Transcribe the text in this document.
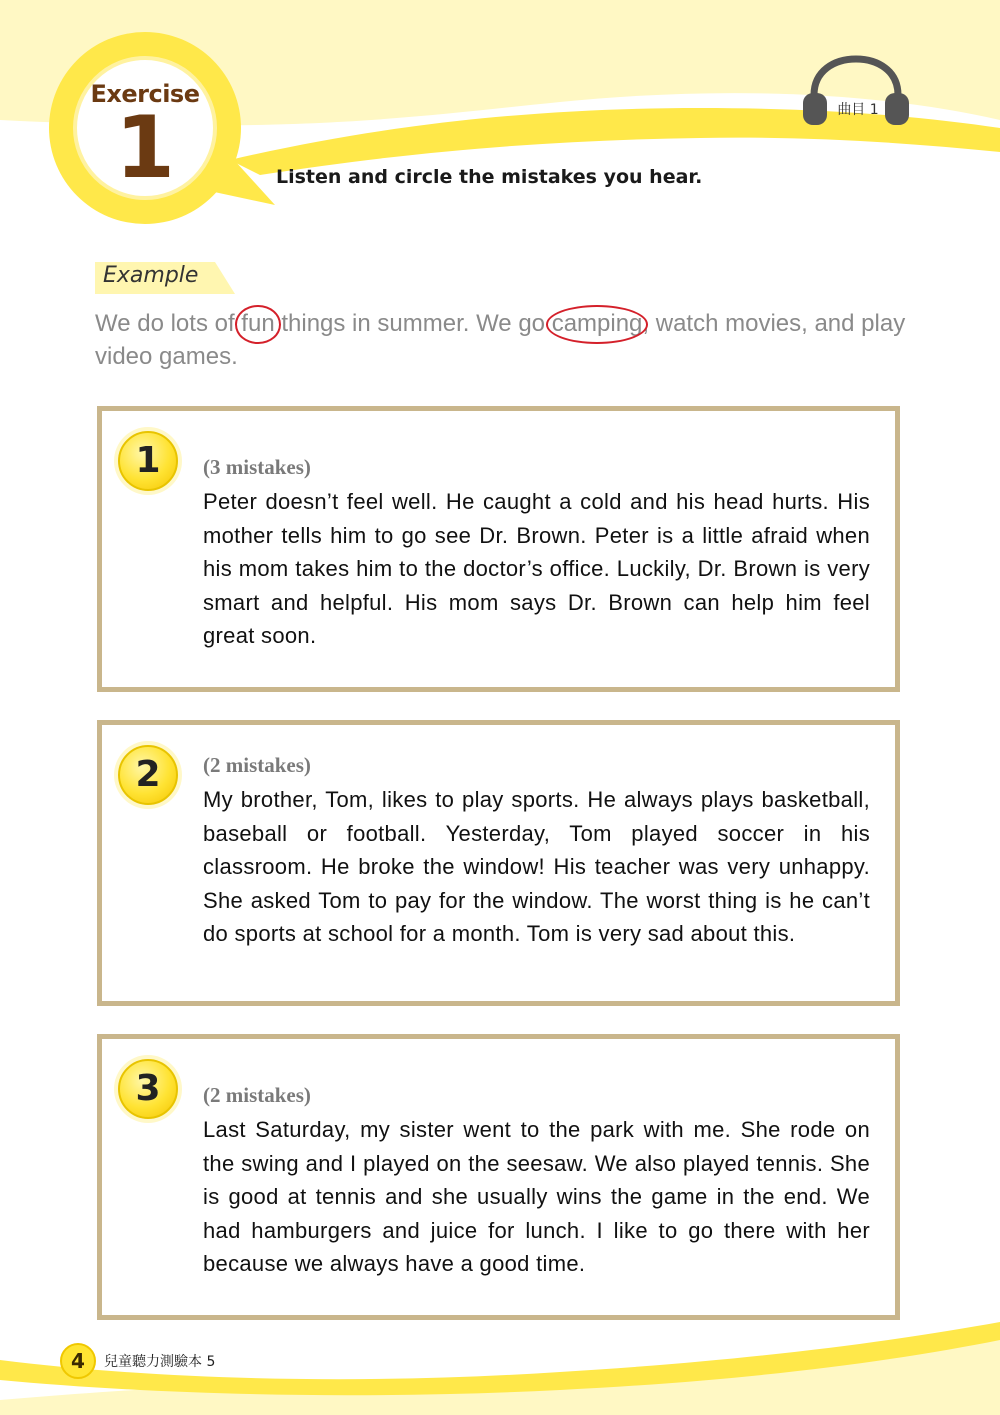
Exercise
1	曲目 1
Listen and circle the mistakes you hear.
Example
We do lots of fun things in summer. We go camping, watch movies, and play video games.
1	(3 mistakes)
Peter doesn’t feel well. He caught a cold and his head hurts. His mother tells him to go see Dr. Brown. Peter is a little afraid when his mom takes him to the doctor’s office. Luckily, Dr. Brown is very smart and helpful. His mom says Dr. Brown can help him feel great soon.
2	(2 mistakes)
My brother, Tom, likes to play sports. He always plays basketball, baseball or football. Yesterday, Tom played soccer in his classroom. He broke the window! His teacher was very unhappy. She asked Tom to pay for the window. The worst thing is he can’t do sports at school for a month. Tom is very sad about this.
3	(2 mistakes)
Last Saturday, my sister went to the park with me. She rode on the swing and I played on the seesaw. We also played tennis. She is good at tennis and she usually wins the game in the end. We had hamburgers and juice for lunch. I like to go there with her because we always have a good time.
4	兒童聽力測驗本 5
